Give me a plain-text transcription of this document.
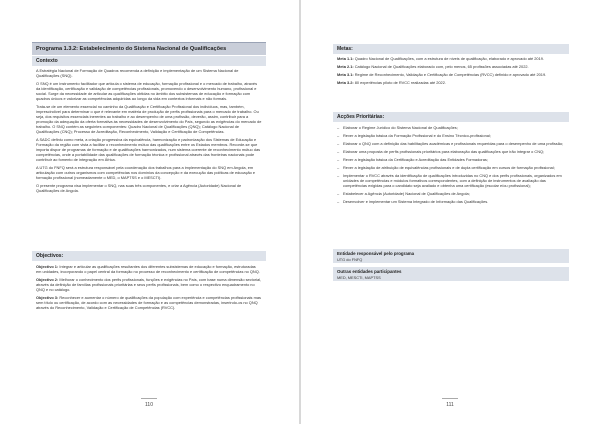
Programa 1.3.2: Estabelecimento do Sistema Nacional de Qualificações
Contexto

A Estratégia Nacional de Formação de Quadros recomenda a definição e implementação de um Sistema Nacional de Qualificações (SNQ).

O SNQ é um instrumento facilitador que articula o sistema de educação, formação profissional e o mercado de trabalho, através da identificação, certificação e validação de competências profissionais, promovendo o desenvolvimento humano, profissional e social. Surge da necessidade de articular as qualificações obtidas no âmbito dos subsistemas de educação e formação com quadros únicos e valorizar as competências adquiridas ao longo da vida em contextos informais e não formais.

Trata-se de um elemento essencial no caminho da Qualificação e Certificação Profissional dos indivíduos, mas, também, imprescindível para determinar o que é relevante em matéria de produção de perfis profissionais para o mercado de trabalho. Ou seja, dos requisitos essenciais inerentes ao trabalho e ao desempenho de uma profissão, deverão, assim, contribuir para a promoção da adequação da oferta formativa às necessidades de desenvolvimento do País, segundo as exigências do mercado de trabalho. O SNQ contém as seguintes componentes: Quadro Nacional de Qualificações (QNQ); Catálogo Nacional de Qualificações (CNQ); Processo de Acreditação, Reconhecimento, Validação e Certificação de Competências.

A SADC definiu como meta, a criação progressiva da equivalência, harmonização e padronização dos Sistemas de Educação e Formação da região com vista a facilitar o reconhecimento mútuo das qualificações entre os Estados membros. Recorde-se que importa dispor de programas de formação e de qualificações harmonizados, num sistema coerente de reconhecimento mútuo das competências, onde a portabilidade das qualificações de formação técnica e profissional através das fronteiras nacionais pode contribuir ao fomento de integração em África.

A UTG do FNFQ será a estrutura responsável pela coordenação dos trabalhos para a implementação do SNQ em Angola, em articulação com outros organismos com competências nos domínios da concepção e da execução das políticas de educação e formação profissional (nomeadamente o MED, o MAPTSS e o MESCTI).

O presente programa visa implementar o SNQ, nas suas três componentes, e criar a Agência (Autoridade) Nacional de Qualificações de Angola.

Objectivos:

Objectivo 1: Integrar e articular as qualificações resultantes dos diferentes subsistemas de educação e formação, estruturadas em unidades, incorporando o papel central da formação no processo de reconhecimento e certificação de competências no QNQ.

Objectivo 2: Melhorar o conhecimento dos perfis profissionais, funções e exigências no País, com base numa dimensão sectorial, através da definição de famílias profissionais prioritárias e seus perfis profissionais, bem como o respectivo enquadramento no QNQ e no catálogo.

Objectivo 3: Reconhecer e aumentar o número de qualificações da população com experiência e competências profissionais mas sem título ou certificação, de acordo com as necessidades de formação e as competências demonstradas, inserindo-os no QNQ através do Reconhecimento, Validação e Certificação de Competências (RVCC).

110
Metas:

Meta 1.1: Quadro Nacional de Qualificações, com a estrutura de níveis de qualificação, elaborado e aprovado até 2019.

Meta 2.1: Catálogo Nacional de Qualificações elaborado com, pelo menos, 65 profissões associadas até 2022.

Meta 3.1: Regime de Reconhecimento, Validação e Certificação de Competências (RVCC) definido e aprovado até 2019.

Meta 3.2: 80 experiências piloto de RVCC realizadas até 2022.

Acções Prioritárias:
– Elaborar o Regime Jurídico do Sistema Nacional de Qualificações;
– Rever a legislação básica da Formação Profissional e do Ensino Técnico-profissional;
– Elaborar o QNQ com a definição das habilitações académicas e profissionais requeridas para o desempenho de uma profissão;
– Elaborar uma proposta de perfis profissionais prioritários para elaboração das qualificações que irão integrar o CNQ;
– Rever a legislação básica da Certificação e Acreditação das Entidades Formadoras;
– Rever a legislação de atribuição de equivalências profissionais e de dupla certificação em cursos de formação profissional;
– Implementar o RVCC através da identificação de qualificações introduzidas no CNQ e dos perfis profissionais, organizados em unidades de competências e módulos formativos correspondentes, com a definição de instrumentos de avaliação das competências exigidas para o candidato seja avaliado e obtenha uma certificação (escolar e/ou profissional);
– Estabelecer a Agência (Autoridade) Nacional de Qualificações de Angola;
– Desenvolver e implementar um Sistema Integrado de Informação das Qualificações.
Entidade responsável pelo programa
UTG do FNFQ
Outras entidades participantes
MED, MESCTI, MAPTSS
111
